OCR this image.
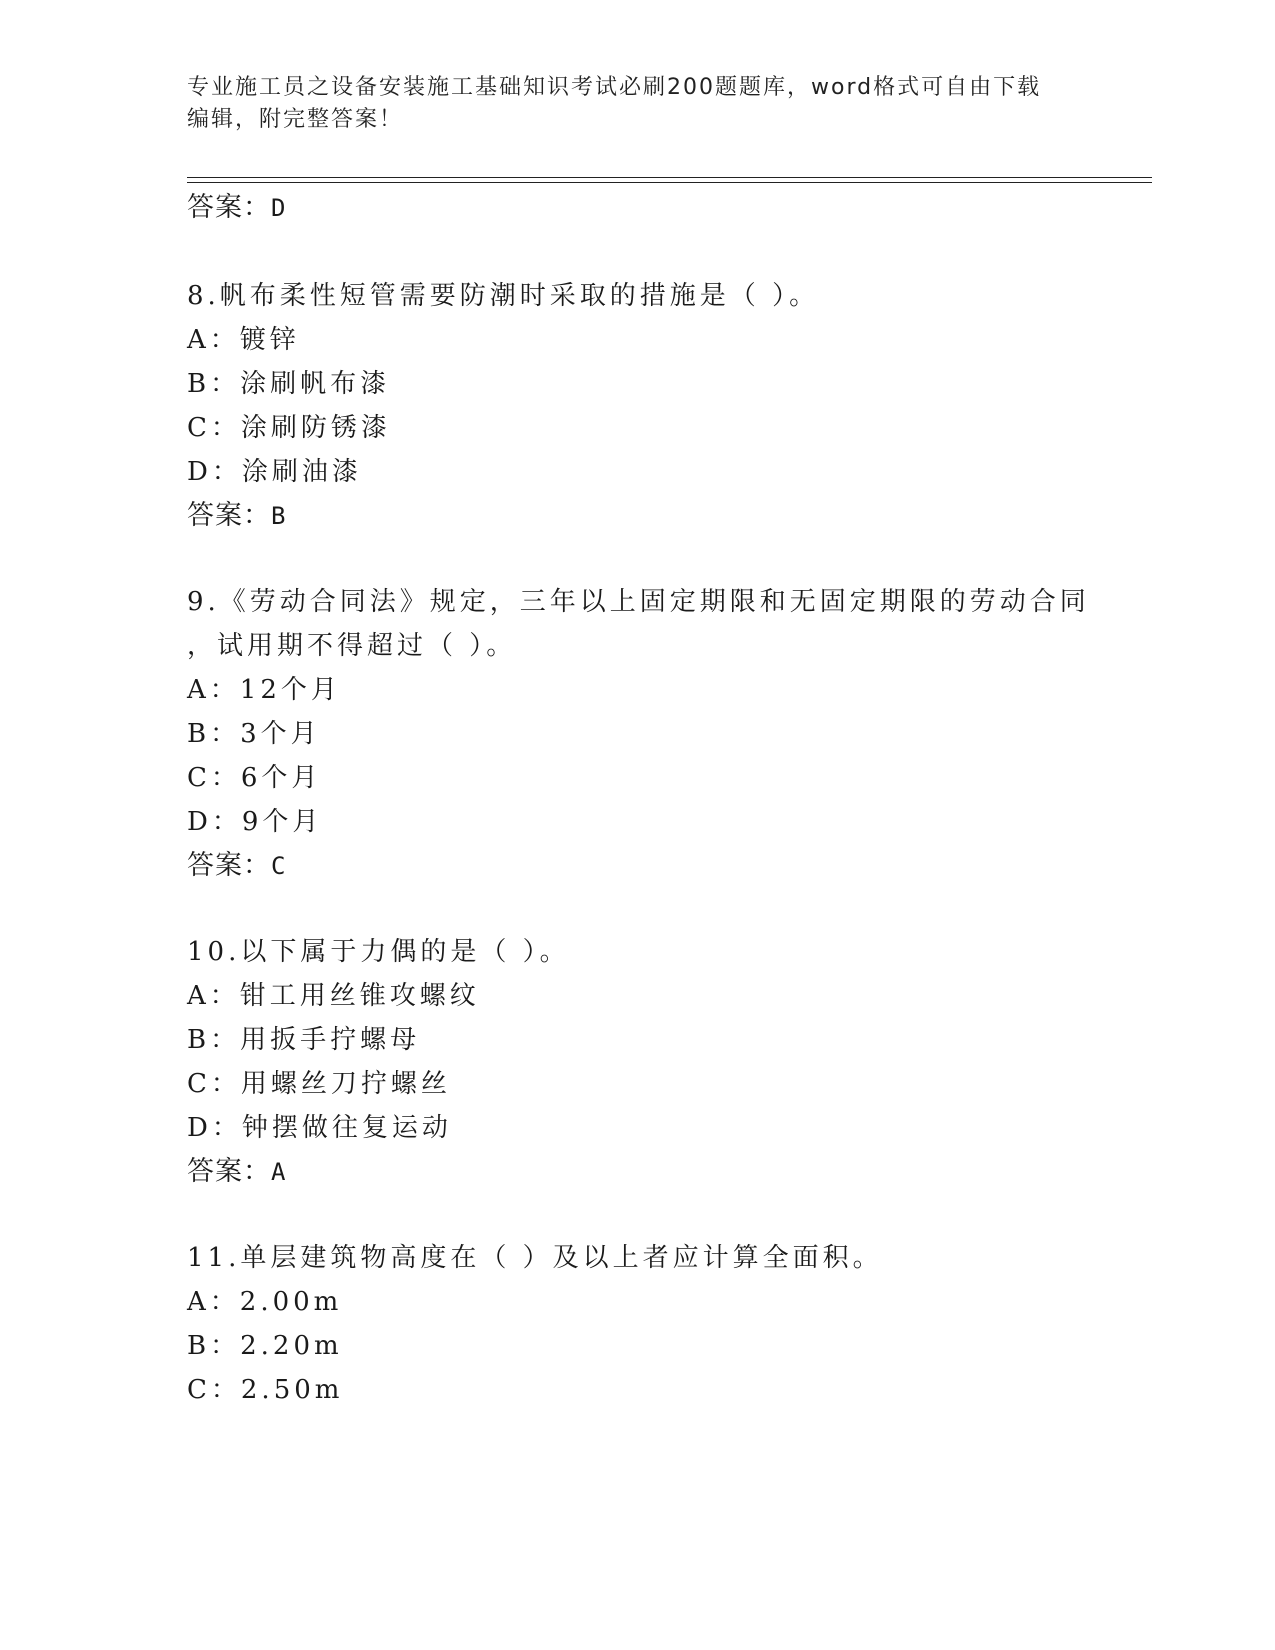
专业施工员之设备安装施工基础知识考试必刷200题题库，word格式可自由下载
编辑，附完整答案！
答案：D
8.帆布柔性短管需要防潮时采取的措施是（ ）。
A：镀锌
B：涂刷帆布漆
C：涂刷防锈漆
D：涂刷油漆
答案：B
9.《劳动合同法》规定，三年以上固定期限和无固定期限的劳动合同
，试用期不得超过（ ）。
A：12个月
B：3个月
C：6个月
D：9个月
答案：C
10.以下属于力偶的是（ ）。
A：钳工用丝锥攻螺纹
B：用扳手拧螺母
C：用螺丝刀拧螺丝
D：钟摆做往复运动
答案：A
11.单层建筑物高度在（ ）及以上者应计算全面积。
A：2.00m
B：2.20m
C：2.50m
